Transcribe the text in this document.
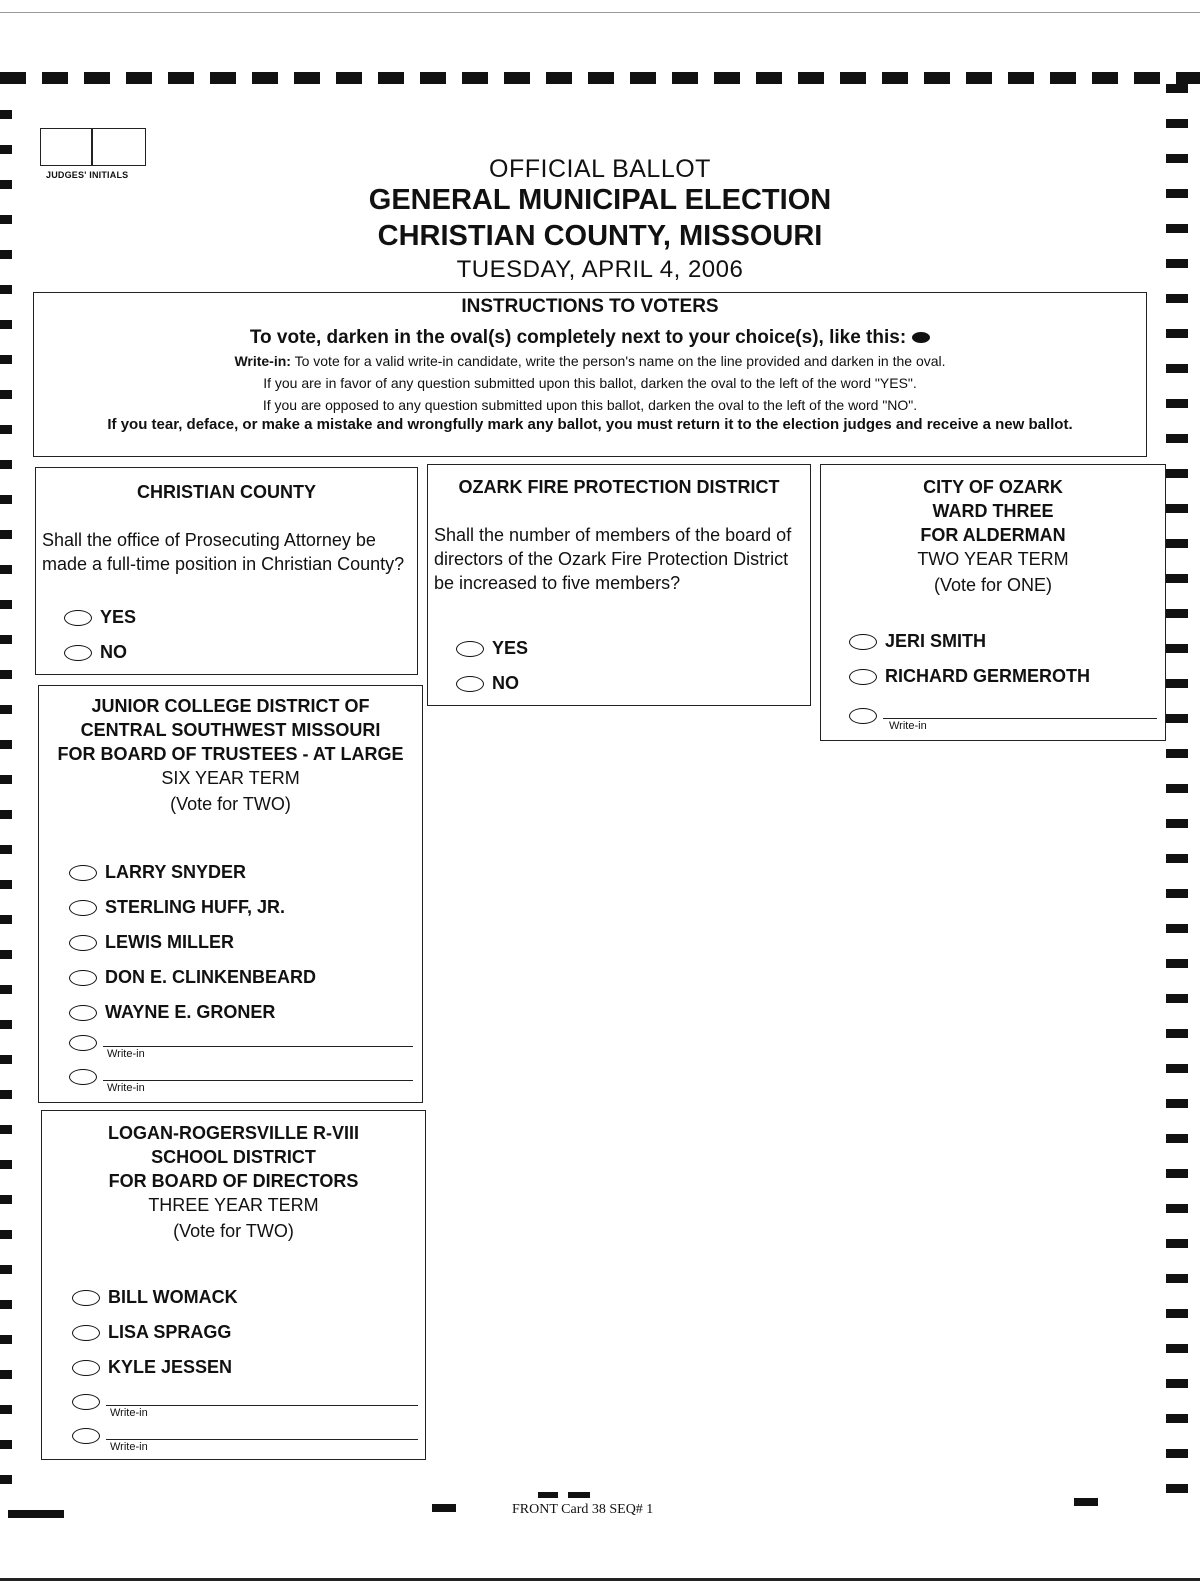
JUDGES' INITIALS	OFFICIAL BALLOT
GENERAL MUNICIPAL ELECTION
CHRISTIAN COUNTY, MISSOURI
TUESDAY, APRIL 4, 2006
INSTRUCTIONS TO VOTERS
To vote, darken in the oval(s) completely next to your choice(s), like this:
Write-in: To vote for a valid write-in candidate, write the person's name on the line provided and darken in the oval.
If you are in favor of any question submitted upon this ballot, darken the oval to the left of the word "YES".
If you are opposed to any question submitted upon this ballot, darken the oval to the left of the word "NO".
If you tear, deface, or make a mistake and wrongfully mark any ballot, you must return it to the election judges and receive a new ballot.
CHRISTIAN COUNTY
Shall the office of Prosecuting Attorney be made a full-time position in Christian County?
YES
NO
OZARK FIRE PROTECTION DISTRICT
Shall the number of members of the board of directors of the Ozark Fire Protection District be increased to five members?
YES
NO
CITY OF OZARK
WARD THREE
FOR ALDERMAN
TWO YEAR TERM
(Vote for ONE)
JERI SMITH
RICHARD GERMEROTH
Write-in
JUNIOR COLLEGE DISTRICT OF
CENTRAL SOUTHWEST MISSOURI
FOR BOARD OF TRUSTEES - AT LARGE
SIX YEAR TERM
(Vote for TWO)
LARRY SNYDER
STERLING HUFF, JR.
LEWIS MILLER
DON E. CLINKENBEARD
WAYNE E. GRONER
Write-in
Write-in
LOGAN-ROGERSVILLE R-VIII
SCHOOL DISTRICT
FOR BOARD OF DIRECTORS
THREE YEAR TERM
(Vote for TWO)
BILL WOMACK
LISA SPRAGG
KYLE JESSEN
Write-in
Write-in
FRONT Card 38 SEQ# 1
